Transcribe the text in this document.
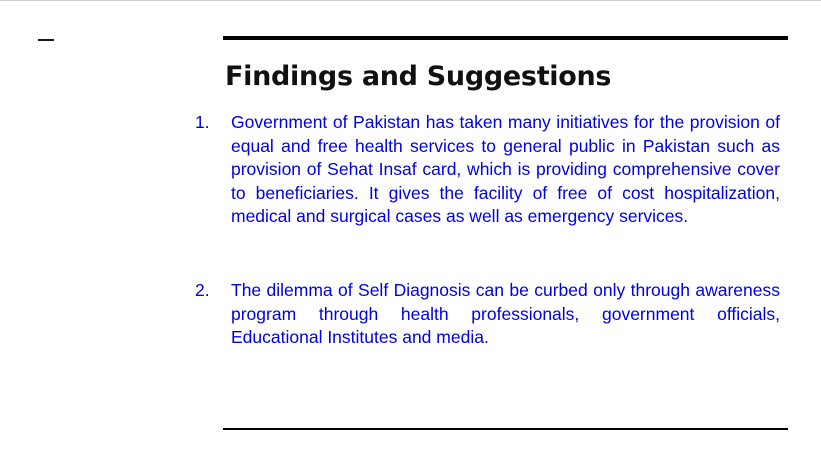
Findings and Suggestions
1.	Government of Pakistan has taken many initiatives for the provision of equal and free health services to general public in Pakistan such as provision of Sehat Insaf card, which is providing comprehensive cover to beneficiaries. It gives the facility of free of cost hospitalization, medical and surgical cases as well as emergency services.
2.	The dilemma of Self Diagnosis can be curbed only through awareness program through health professionals, government officials, Educational Institutes and media.
